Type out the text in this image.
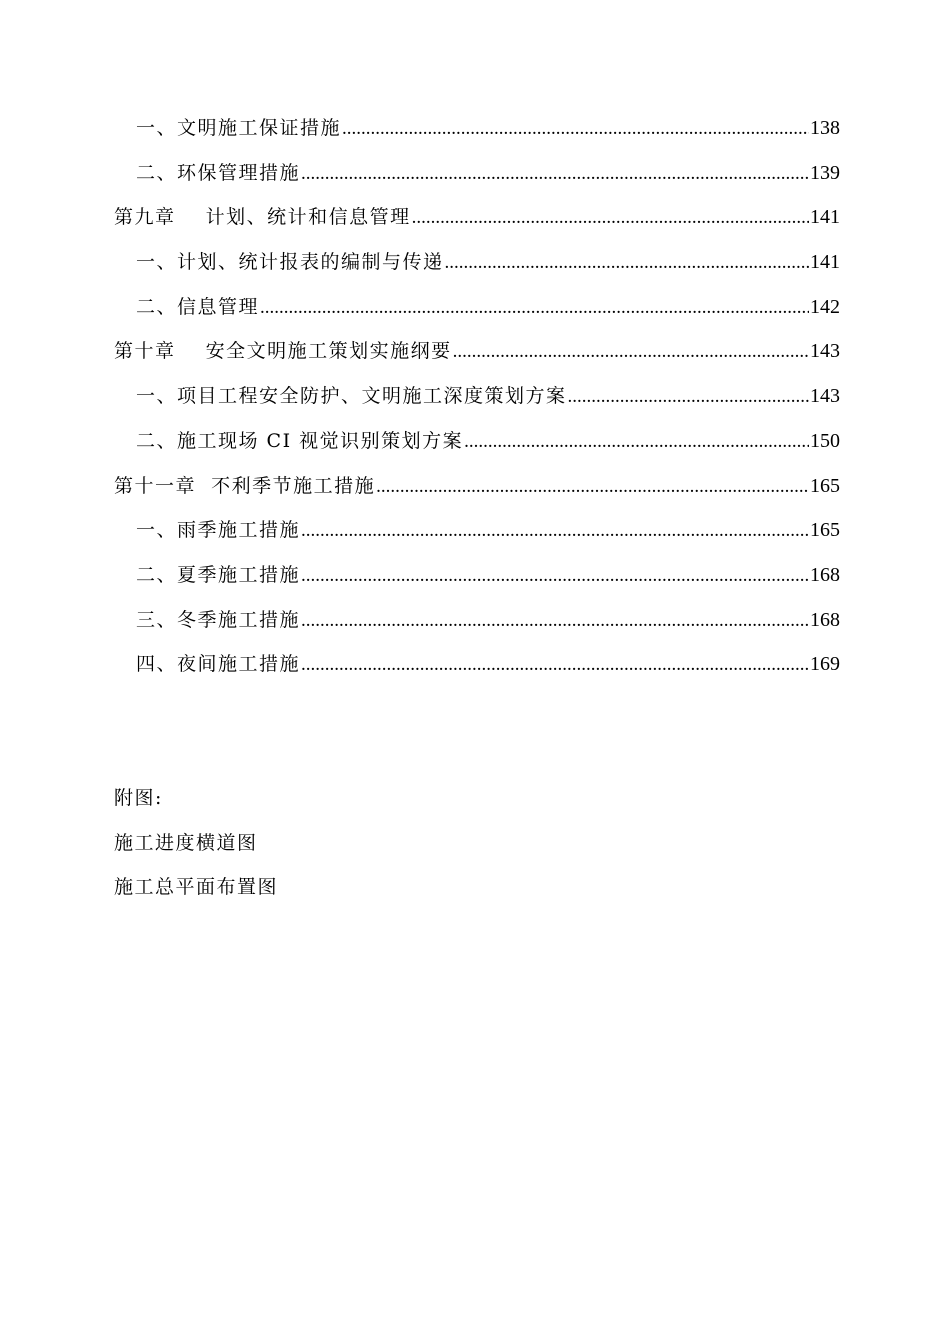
一、文明施工保证措施 .....	138
二、环保管理措施 .....	139
第九章    计划、统计和信息管理 .....	141
一、计划、统计报表的编制与传递 .....	141
二、信息管理 .....	142
第十章    安全文明施工策划实施纲要 .....	143
一、项目工程安全防护、文明施工深度策划方案 .....	143
二、施工现场 CI 视觉识别策划方案 .....	150
第十一章  不利季节施工措施 .....	165
一、雨季施工措施 .....	165
二、夏季施工措施 .....	168
三、冬季施工措施 .....	168
四、夜间施工措施 .....	169
附图:
施工进度横道图
施工总平面布置图
